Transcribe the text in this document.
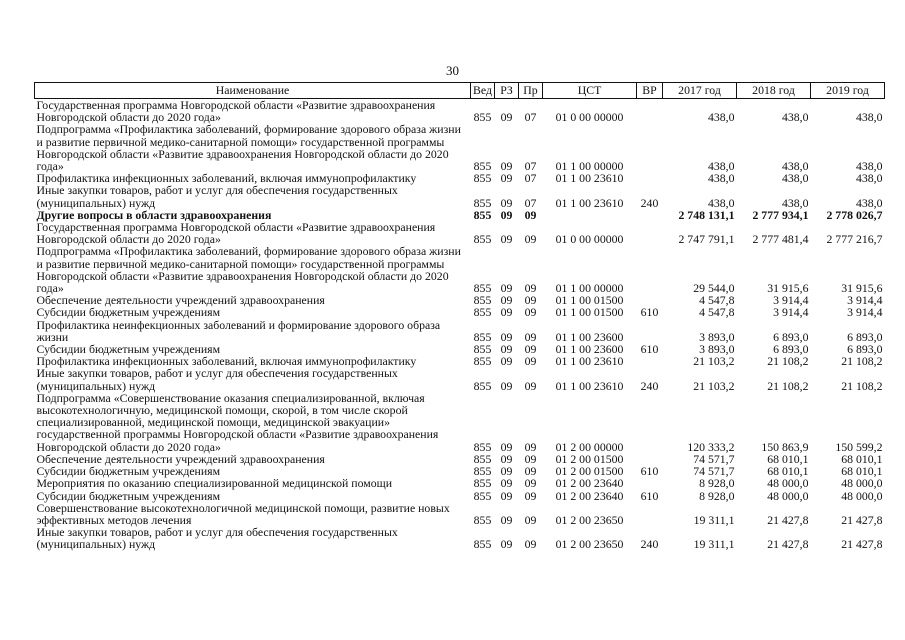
30
Наименование	Вед	РЗ	Пр	ЦСТ	ВР	2017 год	2018 год	2019 год
Государственная программа Новгородской области «Развитие здравоохранения Новгородской области до 2020 года»	855	09	07	01 0 00 00000		438,0	438,0	438,0
Подпрограмма «Профилактика заболеваний, формирование здорового образа жизни и развитие первичной медико-санитарной помощи» государственной программы Новгородской области «Развитие здравоохранения Новгородской области до 2020 года»	855	09	07	01 1 00 00000		438,0	438,0	438,0
Профилактика инфекционных заболеваний, включая иммунопрофилактику	855	09	07	01 1 00 23610		438,0	438,0	438,0
Иные закупки товаров, работ и услуг для обеспечения государственных (муниципальных) нужд	855	09	07	01 1 00 23610	240	438,0	438,0	438,0
Другие вопросы в области здравоохранения	855	09	09			2 748 131,1	2 777 934,1	2 778 026,7
Государственная программа Новгородской области «Развитие здравоохранения Новгородской области до 2020 года»	855	09	09	01 0 00 00000		2 747 791,1	2 777 481,4	2 777 216,7
Подпрограмма «Профилактика заболеваний, формирование здорового образа жизни и развитие первичной медико-санитарной помощи» государственной программы Новгородской области «Развитие здравоохранения Новгородской области до 2020 года»	855	09	09	01 1 00 00000		29 544,0	31 915,6	31 915,6
Обеспечение деятельности учреждений здравоохранения	855	09	09	01 1 00 01500		4 547,8	3 914,4	3 914,4
Субсидии бюджетным учреждениям	855	09	09	01 1 00 01500	610	4 547,8	3 914,4	3 914,4
Профилактика неинфекционных заболеваний и формирование здорового образа жизни	855	09	09	01 1 00 23600		3 893,0	6 893,0	6 893,0
Субсидии бюджетным учреждениям	855	09	09	01 1 00 23600	610	3 893,0	6 893,0	6 893,0
Профилактика инфекционных заболеваний, включая иммунопрофилактику	855	09	09	01 1 00 23610		21 103,2	21 108,2	21 108,2
Иные закупки товаров, работ и услуг для обеспечения государственных (муниципальных) нужд	855	09	09	01 1 00 23610	240	21 103,2	21 108,2	21 108,2
Подпрограмма «Совершенствование оказания специализированной, включая высокотехнологичную, медицинской помощи, скорой, в том числе скорой специализированной, медицинской помощи, медицинской эвакуации» государственной программы Новгородской области «Развитие здравоохранения Новгородской области до 2020 года»	855	09	09	01 2 00 00000		120 333,2	150 863,9	150 599,2
Обеспечение деятельности учреждений здравоохранения	855	09	09	01 2 00 01500		74 571,7	68 010,1	68 010,1
Субсидии бюджетным учреждениям	855	09	09	01 2 00 01500	610	74 571,7	68 010,1	68 010,1
Мероприятия по оказанию специализированной медицинской помощи	855	09	09	01 2 00 23640		8 928,0	48 000,0	48 000,0
Субсидии бюджетным учреждениям	855	09	09	01 2 00 23640	610	8 928,0	48 000,0	48 000,0
Совершенствование высокотехнологичной медицинской помощи, развитие новых эффективных методов лечения	855	09	09	01 2 00 23650		19 311,1	21 427,8	21 427,8
Иные закупки товаров, работ и услуг для обеспечения государственных (муниципальных) нужд	855	09	09	01 2 00 23650	240	19 311,1	21 427,8	21 427,8
